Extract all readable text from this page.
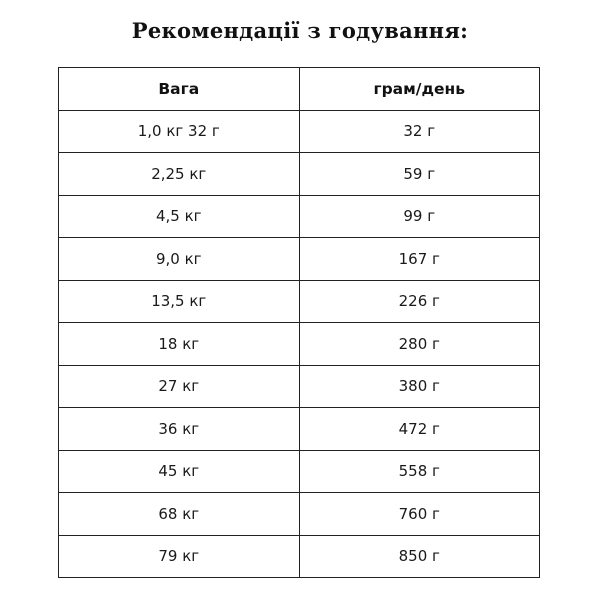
Рекомендації з годування:
Вага	грам/день
1,0 кг 32 г	32 г
2,25 кг	59 г
4,5 кг	99 г
9,0 кг	167 г
13,5 кг	226 г
18 кг	280 г
27 кг	380 г
36 кг	472 г
45 кг	558 г
68 кг	760 г
79 кг	850 г
